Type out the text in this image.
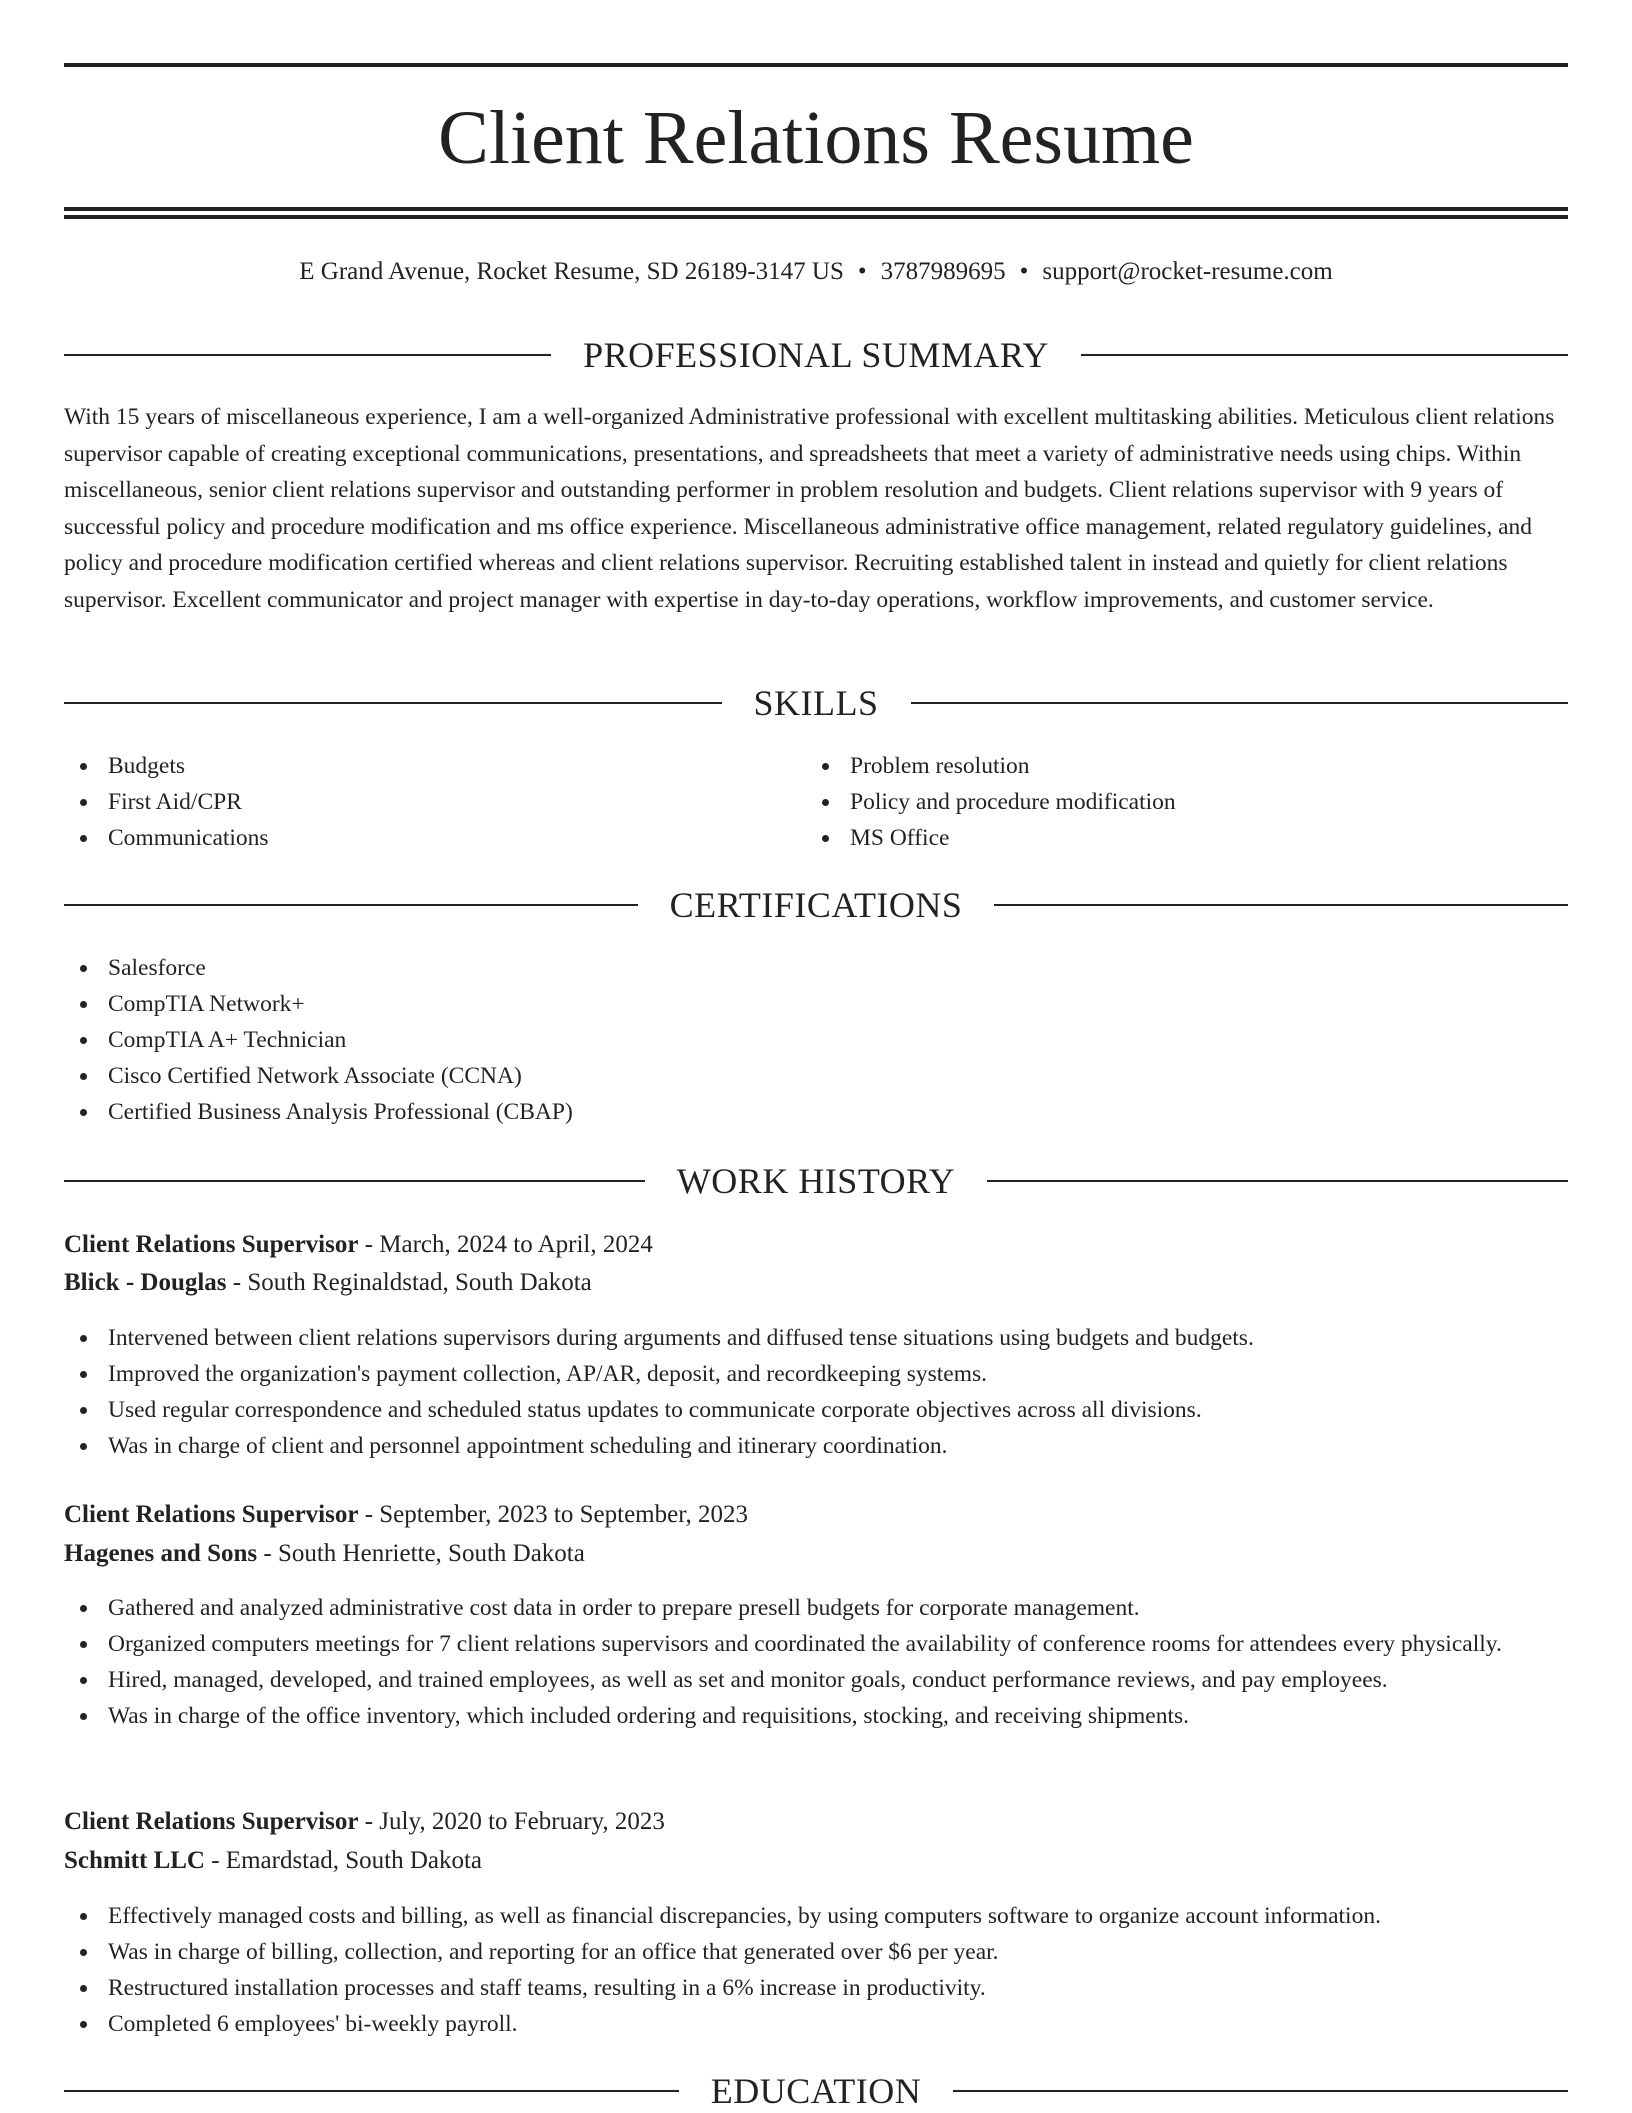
Client Relations Resume
E Grand Avenue, Rocket Resume, SD 26189-3147 US • 3787989695 • support@rocket-resume.com
PROFESSIONAL SUMMARY

With 15 years of miscellaneous experience, I am a well-organized Administrative professional with excellent multitasking abilities. Meticulous client relations supervisor capable of creating exceptional communications, presentations, and spreadsheets that meet a variety of administrative needs using chips. Within miscellaneous, senior client relations supervisor and outstanding performer in problem resolution and budgets. Client relations supervisor with 9 years of successful policy and procedure modification and ms office experience. Miscellaneous administrative office management, related regulatory guidelines, and policy and procedure modification certified whereas and client relations supervisor. Recruiting established talent in instead and quietly for client relations supervisor. Excellent communicator and project manager with expertise in day-to-day operations, workflow improvements, and customer service.

SKILLS
Budgets
First Aid/CPR
Communications
Problem resolution
Policy and procedure modification
MS Office
CERTIFICATIONS
Salesforce
CompTIA Network+
CompTIA A+ Technician
Cisco Certified Network Associate (CCNA)
Certified Business Analysis Professional (CBAP)
WORK HISTORY
Client Relations Supervisor - March, 2024 to April, 2024
Blick - Douglas - South Reginaldstad, South Dakota
Intervened between client relations supervisors during arguments and diffused tense situations using budgets and budgets.
Improved the organization's payment collection, AP/AR, deposit, and recordkeeping systems.
Used regular correspondence and scheduled status updates to communicate corporate objectives across all divisions.
Was in charge of client and personnel appointment scheduling and itinerary coordination.
Client Relations Supervisor - September, 2023 to September, 2023
Hagenes and Sons - South Henriette, South Dakota
Gathered and analyzed administrative cost data in order to prepare presell budgets for corporate management.
Organized computers meetings for 7 client relations supervisors and coordinated the availability of conference rooms for attendees every physically.
Hired, managed, developed, and trained employees, as well as set and monitor goals, conduct performance reviews, and pay employees.
Was in charge of the office inventory, which included ordering and requisitions, stocking, and receiving shipments.
Client Relations Supervisor - July, 2020 to February, 2023
Schmitt LLC - Emardstad, South Dakota
Effectively managed costs and billing, as well as financial discrepancies, by using computers software to organize account information.
Was in charge of billing, collection, and reporting for an office that generated over $6 per year.
Restructured installation processes and staff teams, resulting in a 6% increase in productivity.
Completed 6 employees' bi-weekly payroll.
EDUCATION
